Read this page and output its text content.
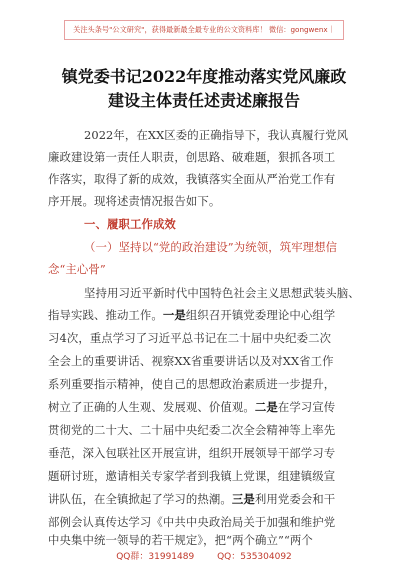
关注头条号"公文研究"，获得最新最全最专业的公文资料库！ 微信：gongwenx｜
镇党委书记2022年度推动落实党风廉政
建设主体责任述责述廉报告
2022年，在XX区委的正确指导下，我认真履行党风
廉政建设第一责任人职责，创思路、破难题，狠抓各项工
作落实，取得了新的成效，我镇落实全面从严治党工作有
序开展。现将述责情况报告如下。
一、履职工作成效
（一）坚持以“党的政治建设”为统领，筑牢理想信
念“主心骨”
坚持用习近平新时代中国特色社会主义思想武装头脑、
指导实践、推动工作。一是组织召开镇党委理论中心组学
习4次，重点学习了习近平总书记在二十届中央纪委二次
全会上的重要讲话、视察XX省重要讲话以及对XX省工作
系列重要指示精神，使自己的思想政治素质进一步提升，
树立了正确的人生观、发展观、价值观。二是在学习宣传
贯彻党的二十大、二十届中央纪委二次全会精神等上率先
垂范，深入包联社区开展宣讲，组织开展领导干部学习专
题研讨班，邀请相关专家学者到我镇上党课，组建镇级宣
讲队伍，在全镇掀起了学习的热潮。三是利用党委会和干
部例会认真传达学习《中共中央政治局关于加强和维护党
中央集中统一领导的若干规定》，把“两个确立”“两个
QQ群：31991489	QQ：535304092
